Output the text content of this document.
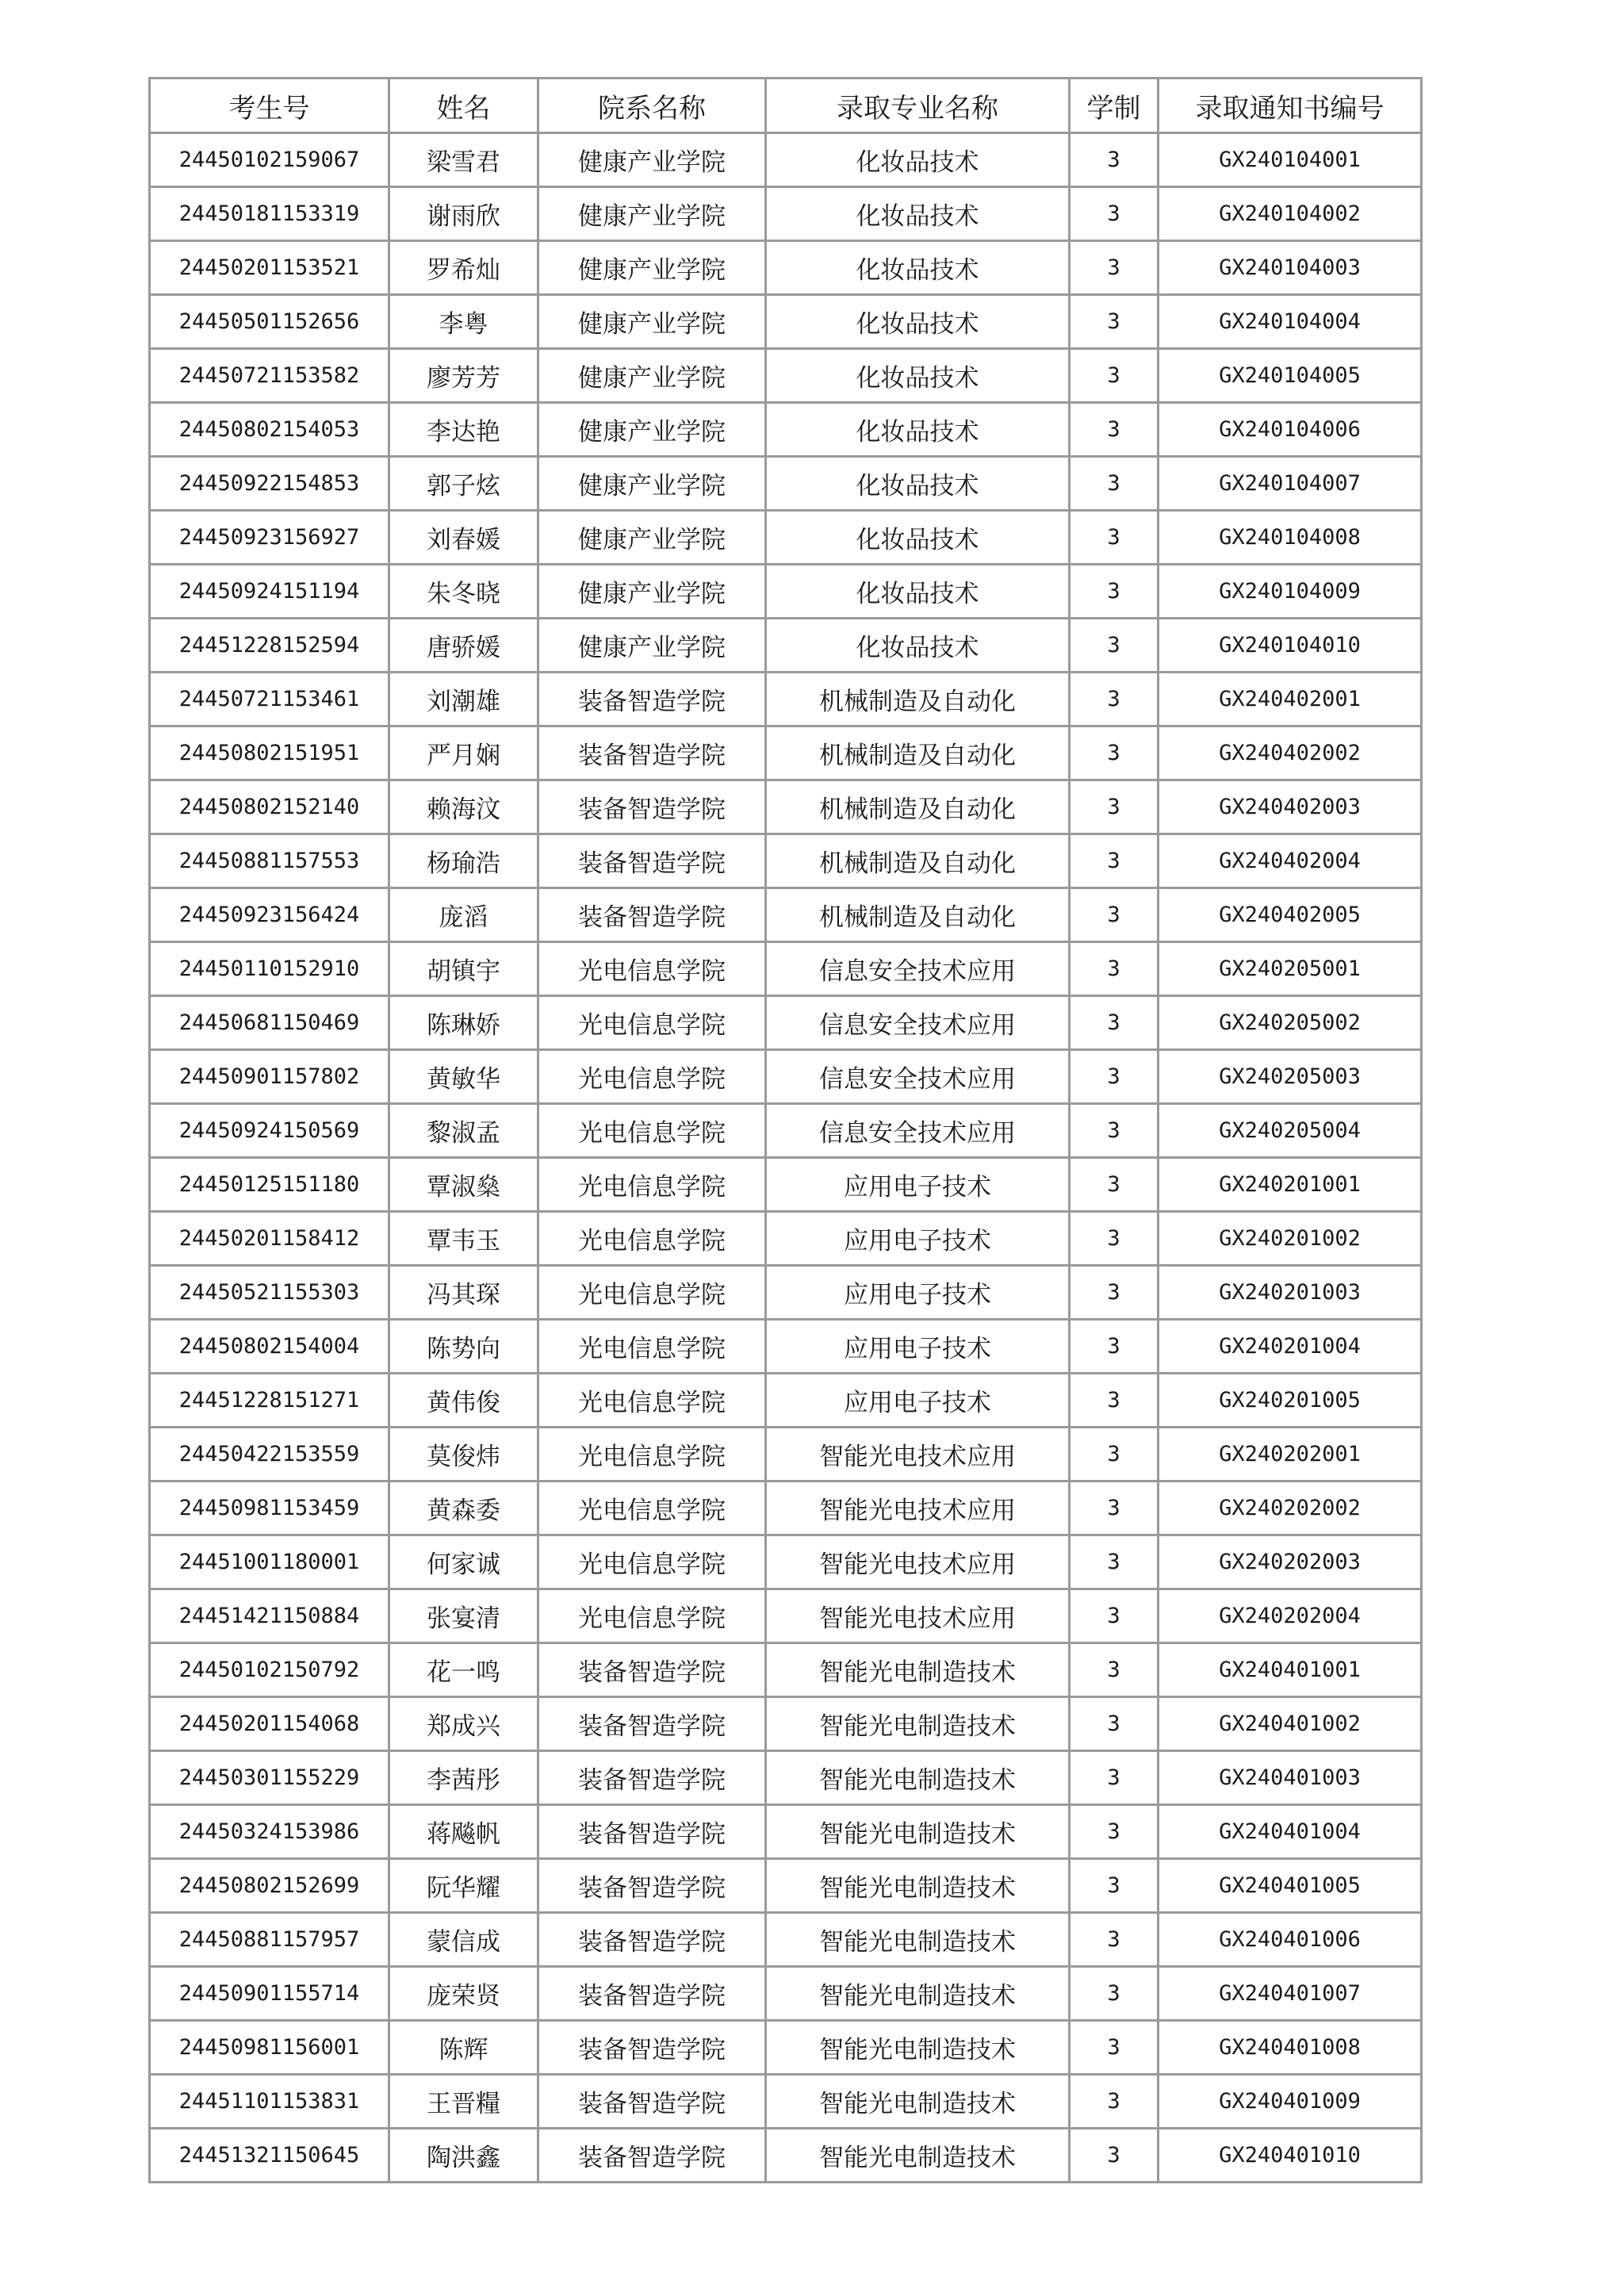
考生号	姓名	院系名称	录取专业名称	学制	录取通知书编号
24450102159067	梁雪君	健康产业学院	化妆品技术	3	GX240104001
24450181153319	谢雨欣	健康产业学院	化妆品技术	3	GX240104002
24450201153521	罗希灿	健康产业学院	化妆品技术	3	GX240104003
24450501152656	李粤	健康产业学院	化妆品技术	3	GX240104004
24450721153582	廖芳芳	健康产业学院	化妆品技术	3	GX240104005
24450802154053	李达艳	健康产业学院	化妆品技术	3	GX240104006
24450922154853	郭子炫	健康产业学院	化妆品技术	3	GX240104007
24450923156927	刘春媛	健康产业学院	化妆品技术	3	GX240104008
24450924151194	朱冬晓	健康产业学院	化妆品技术	3	GX240104009
24451228152594	唐骄媛	健康产业学院	化妆品技术	3	GX240104010
24450721153461	刘潮雄	装备智造学院	机械制造及自动化	3	GX240402001
24450802151951	严月娴	装备智造学院	机械制造及自动化	3	GX240402002
24450802152140	赖海汶	装备智造学院	机械制造及自动化	3	GX240402003
24450881157553	杨瑜浩	装备智造学院	机械制造及自动化	3	GX240402004
24450923156424	庞滔	装备智造学院	机械制造及自动化	3	GX240402005
24450110152910	胡镇宇	光电信息学院	信息安全技术应用	3	GX240205001
24450681150469	陈琳娇	光电信息学院	信息安全技术应用	3	GX240205002
24450901157802	黄敏华	光电信息学院	信息安全技术应用	3	GX240205003
24450924150569	黎淑孟	光电信息学院	信息安全技术应用	3	GX240205004
24450125151180	覃淑燊	光电信息学院	应用电子技术	3	GX240201001
24450201158412	覃韦玉	光电信息学院	应用电子技术	3	GX240201002
24450521155303	冯其琛	光电信息学院	应用电子技术	3	GX240201003
24450802154004	陈势向	光电信息学院	应用电子技术	3	GX240201004
24451228151271	黄伟俊	光电信息学院	应用电子技术	3	GX240201005
24450422153559	莫俊炜	光电信息学院	智能光电技术应用	3	GX240202001
24450981153459	黄森委	光电信息学院	智能光电技术应用	3	GX240202002
24451001180001	何家诚	光电信息学院	智能光电技术应用	3	GX240202003
24451421150884	张宴清	光电信息学院	智能光电技术应用	3	GX240202004
24450102150792	花一鸣	装备智造学院	智能光电制造技术	3	GX240401001
24450201154068	郑成兴	装备智造学院	智能光电制造技术	3	GX240401002
24450301155229	李茜彤	装备智造学院	智能光电制造技术	3	GX240401003
24450324153986	蒋飚帆	装备智造学院	智能光电制造技术	3	GX240401004
24450802152699	阮华耀	装备智造学院	智能光电制造技术	3	GX240401005
24450881157957	蒙信成	装备智造学院	智能光电制造技术	3	GX240401006
24450901155714	庞荣贤	装备智造学院	智能光电制造技术	3	GX240401007
24450981156001	陈辉	装备智造学院	智能光电制造技术	3	GX240401008
24451101153831	王晋糧	装备智造学院	智能光电制造技术	3	GX240401009
24451321150645	陶洪鑫	装备智造学院	智能光电制造技术	3	GX240401010
